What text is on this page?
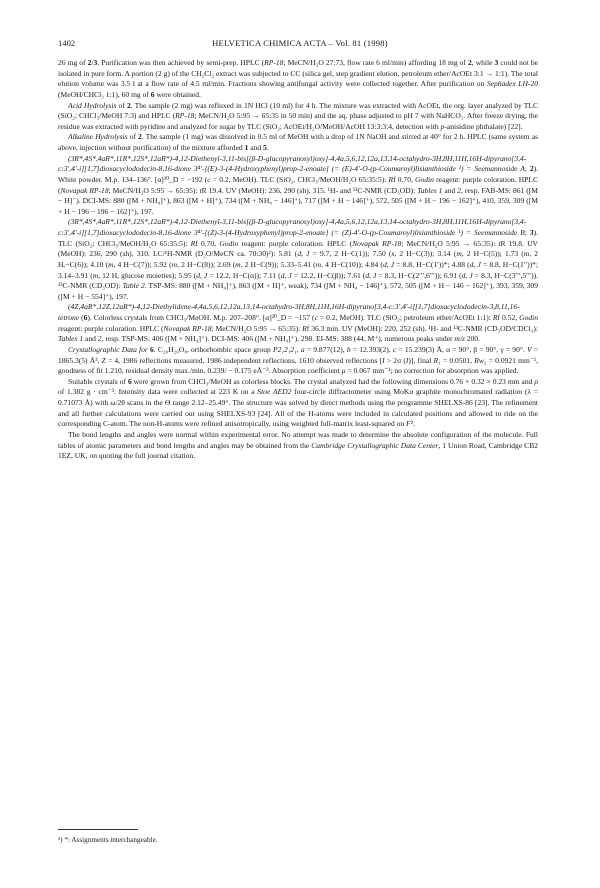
1402	HELVETICA CHIMICA ACTA – Vol. 81 (1998)

26 mg of 2/3. Purification was then achieved by semi-prep. HPLC (RP-18; MeCN/H₂O 27:73, flow rate 6 ml/min) affording 18 mg of 2, while 3 could not be isolated in pure form. A portion (2 g) of the CH₂Cl₂ extract was subjected to CC (silica gel, step gradient elution, petroleum ether/AcOEt 3:1 → 1:1). The total elution volume was 3.5 l at a flow rate of 4.5 ml/min. Fractions showing antifungal activity were collected together. After purification on Sephadex LH-20 (MeOH/CHCl₃ 1:1), 60 mg of 6 were obtained.

Acid Hydrolysis of 2. The sample (2 mg) was refluxed in 1N HCl (10 ml) for 4 h. The mixture was extracted with AcOEt, the org. layer analyzed by TLC (SiO₂; CHCl₃/MeOH 7:3) and HPLC (RP-18; MeCN/H₂O 5:95 → 65:35 in 50 min) and the aq. phase adjusted to pH 7 with NaHCO₃. After freeze drying, the residue was extracted with pyridine and analyzed for sugar by TLC (SiO₂; AcOEt/H₂O/MeOH/AcOH 13:3:3:4, detection with p-anisidine phthalate) [22].

Alkaline Hydrolysis of 2. The sample (1 mg) was dissolved in 0.5 ml of MeOH with a drop of 1N NaOH and stirred at 40° for 2 h. HPLC (same system as above, injection without purification) of the mixture afforded 1 and 5.

(3R*,4S*,4aR*,11R*,12S*,12aR*)-4,12-Diethenyl-3,11-bis[(β-D-glucopyranosyl)oxy]-4,4a,5,6,12,12a,13,14-octahydro-3H,8H,11H,16H-dipyrano[3,4-c:3′,4′-i][1,7]dioxacyclododecin-8,16-dione 3⁴′-[(E)-3-(4-Hydroxyphenyl)prop-2-enoate] (= (E)-4′-O-(p-Coumaroyl)lisianthioside ¹) = Seemannoside A; 2). White powder. M.p. 134–136°. [α]²⁰_D = −192 (c = 0.2, MeOH). TLC (SiO₂, CHCl₃/MeOH/H₂O 65:35:5): Rf 0.70, Godin reagent: purple coloration. HPLC (Novapak RP-18; MeCN/H₂O 5:95 → 65:35): tR 19.4. UV (MeOH): 236, 290 (sh), 315. ¹H- and ¹³C-NMR (CD₃OD): Tables 1 and 2, resp. FAB-MS: 861 ([M − H]⁻). DCI-MS: 880 ([M + NH₄]⁺), 863 ([M + H]⁺), 734 ([M + NH₄ − 146]⁺), 717 ([M + H − 146]⁺), 572, 505 ([M + H − 196 − 162]⁺), 410, 359, 309 ([M + H − 196 − 196 − 162]⁺), 197.

(3R*,4S*,4aR*,11R*,12S*,12aR*)-4,12-Diethenyl-3,11-bis[(β-D-glucopyranosyl)oxy]-4,4a,5,6,12,12a,13,14-octahydro-3H,8H,11H,16H-dipyrano[3,4-c:3′,4′-i][1,7]dioxacyclododecin-8,16-dione 3⁴′-[(Z)-3-(4-Hydroxyphenyl)prop-2-enoate] (= (Z)-4′-O-(p-Coumaroyl)lisianthioside ¹) = Seemannoside B; 3). TLC (SiO₂; CHCl₃/MeOH/H₂O 65:35:5): Rf 0.70, Godin reagent: purple coloration. HPLC (Novapak RP-18; MeCN/H₂O 5:95 → 65:35): tR 19.8. UV (MeOH): 236, 290 (sh), 310. LC/¹H-NMR (D₂O/MeCN ca. 70:30)²): 5.81 (d, J = 9.7, 2 H−C(1)); 7.50 (s, 2 H−C(3)); 3.14 (m, 2 H−C(5)); 1.73 (m, 2 Hₑ−C(6)); 4.10 (m, 4 H−C(7)); 5.92 (m, 2 H−C(8)); 2.69 (m, 2 H−C(9)); 5.33–5.41 (m, 4 H−C(10)); 4.84 (d, J = 8.8, H−C(1′))*; 4.88 (d, J = 8.8, H−C(1′′))*; 3.14–3.91 (m, 12 H, glucose moieties); 5.95 (d, J = 12.2, H−C(α)); 7.11 (d, J = 12.2, H−C(β)); 7.61 (d, J = 8.3, H−C(2′′′,6′′′)); 6.91 (d, J = 8.3, H−C(3′′′,5′′′)). ¹³C-NMR (CD₃OD): Table 2. TSP-MS: 880 ([M + NH₄]⁺), 863 ([M + H]⁺, weak), 734 ([M + NH₄ − 146]⁺), 572, 505 ([M + H − 146 − 162]⁺), 393, 359, 309 ([M + H − 554]⁺), 197.

(4Z,4aR*,12Z,12aR*)-4,12-Diethylidene-4,4a,5,6,12,12a,13,14-octahydro-3H,8H,11H,16H-dipyrano[3,4-c:3′,4′-i][1,7]dioxacyclododecin-3,8,11,16-tetrone (6). Colorless crystals from CHCl₃/MeOH. M.p. 207–208°. [α]²⁰_D = −157 (c = 0.2, MeOH). TLC (SiO₂; petroleum ether/AcOEt 1:1): Rf 0.52, Godin reagent: purple coloration. HPLC (Novapak RP-18; MeCN/H₂O 5:95 → 65:35): Rf 36.3 min. UV (MeOH): 220, 252 (sh). ¹H- and ¹³C-NMR (CD₃OD/CDCl₃): Tables 1 and 2, resp. TSP-MS: 406 ([M + NH₄]⁺). DCI-MS: 406 ([M + NH₄]⁺), 298. EI-MS: 388 (44, M⁺), numerous peaks under m/z 200.

Crystallographic Data for 6. C₂₀H₂₀O₈, orthorhombic space group P2₁2₁2₁, a = 9.877(12), b = 12.393(2), c = 15.239(3) Å, α = 90°, β = 90°, γ = 90°. V = 1865.3(5) Å³, Z = 4, 1986 reflections measured, 1986 independent reflections, 1610 observed reflections [I > 2σ (I)], final R₁ = 0.0501, Rw₂ = 0.0921 mm⁻¹, goodness of fit 1.210, residual density max./min. 0.239/ − 0.175 eÅ⁻³. Absorption coefficient μ = 0.067 mm⁻¹; no correction for absorption was applied.

Suitable crystals of 6 were grown from CHCl₃/MeOH as colorless blocks. The crystal analyzed had the following dimensions 0.76 × 0.32 × 0.23 mm and ρ of 1.382 g · cm⁻³. Intensity data were collected at 223 K on a Stoe AED2 four-circle diffractometer using MoKα graphite monochromated radiation (λ = 0.71073 Å) with ω/2θ scans in the Θ range 2.12–25.49°. The structure was solved by direct methods using the programme SHELXS-86 [23]. The refinement and all further calculations were carried out using SHELXS-93 [24]. All of the H-atoms were included in calculated positions and allowed to ride on the corresponding C-atom. The non-H-atoms were refined anisotropically, using weighted full-matrix least-squared on F².

The bond lengths and angles were normal within experimental error. No attempt was made to determine the absolute configuration of the molecule. Full tables of atomic parameters and bond lengths and angles may be obtained from the Cambridge Crystallographic Data Center, 1 Union Road, Cambridge CB2 1EZ, UK, on quoting the full journal citation.

²) *: Assignments interchangeable.
